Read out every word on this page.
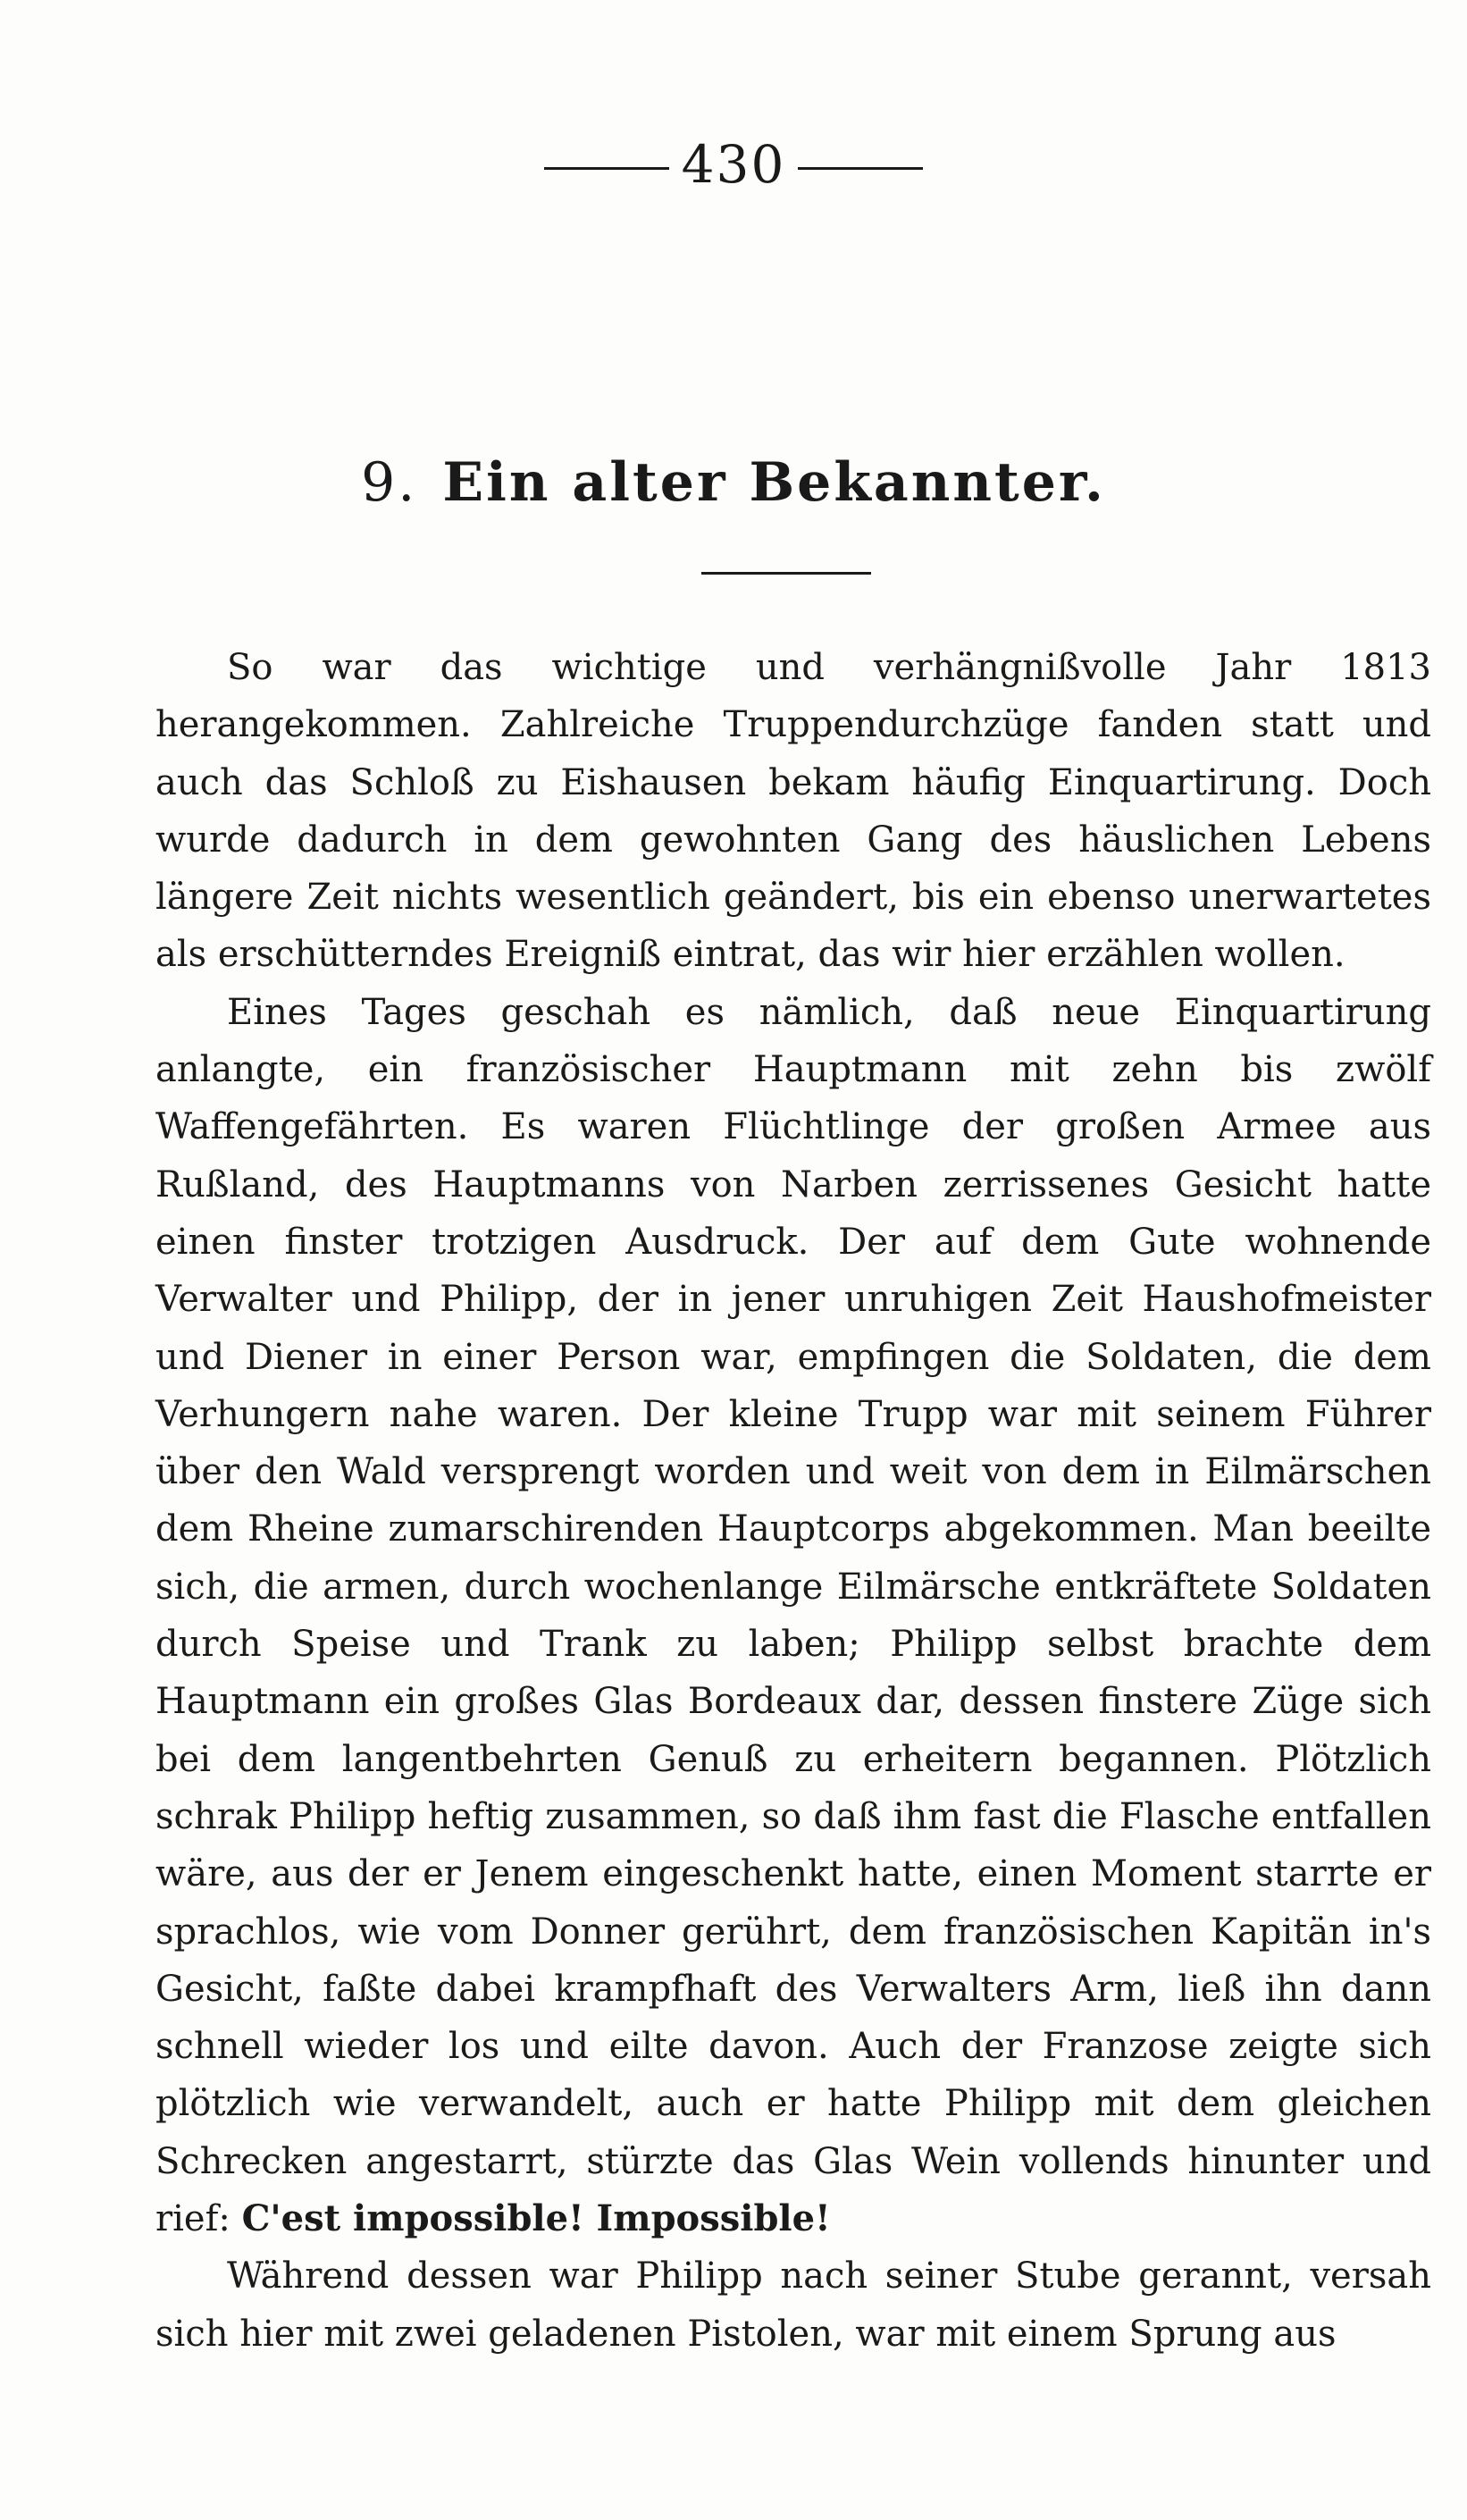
430
9. Ein alter Bekannter.

So war das wichtige und verhängnißvolle Jahr 1813 herangekommen. Zahlreiche Truppendurchzüge fanden statt und auch das Schloß zu Eishausen bekam häufig Einquartirung. Doch wurde dadurch in dem gewohnten Gang des häuslichen Lebens längere Zeit nichts wesentlich geändert, bis ein ebenso unerwartetes als erschütterndes Ereigniß eintrat, das wir hier erzählen wollen.

Eines Tages geschah es nämlich, daß neue Einquartirung anlangte, ein französischer Hauptmann mit zehn bis zwölf Waffengefährten. Es waren Flüchtlinge der großen Armee aus Rußland, des Hauptmanns von Narben zerrissenes Gesicht hatte einen finster trotzigen Ausdruck. Der auf dem Gute wohnende Verwalter und Philipp, der in jener unruhigen Zeit Haushofmeister und Diener in einer Person war, empfingen die Soldaten, die dem Verhungern nahe waren. Der kleine Trupp war mit seinem Führer über den Wald versprengt worden und weit von dem in Eilmärschen dem Rheine zumarschirenden Hauptcorps abgekommen. Man beeilte sich, die armen, durch wochenlange Eilmärsche entkräftete Soldaten durch Speise und Trank zu laben; Philipp selbst brachte dem Hauptmann ein großes Glas Bordeaux dar, dessen finstere Züge sich bei dem langentbehrten Genuß zu erheitern begannen. Plötzlich schrak Philipp heftig zusammen, so daß ihm fast die Flasche entfallen wäre, aus der er Jenem eingeschenkt hatte, einen Moment starrte er sprachlos, wie vom Donner gerührt, dem französischen Kapitän in's Gesicht, faßte dabei krampfhaft des Verwalters Arm, ließ ihn dann schnell wieder los und eilte davon. Auch der Franzose zeigte sich plötzlich wie verwandelt, auch er hatte Philipp mit dem gleichen Schrecken angestarrt, stürzte das Glas Wein vollends hinunter und rief: C'est impossible! Impossible!

Während dessen war Philipp nach seiner Stube gerannt, versah sich hier mit zwei geladenen Pistolen, war mit einem Sprung aus
